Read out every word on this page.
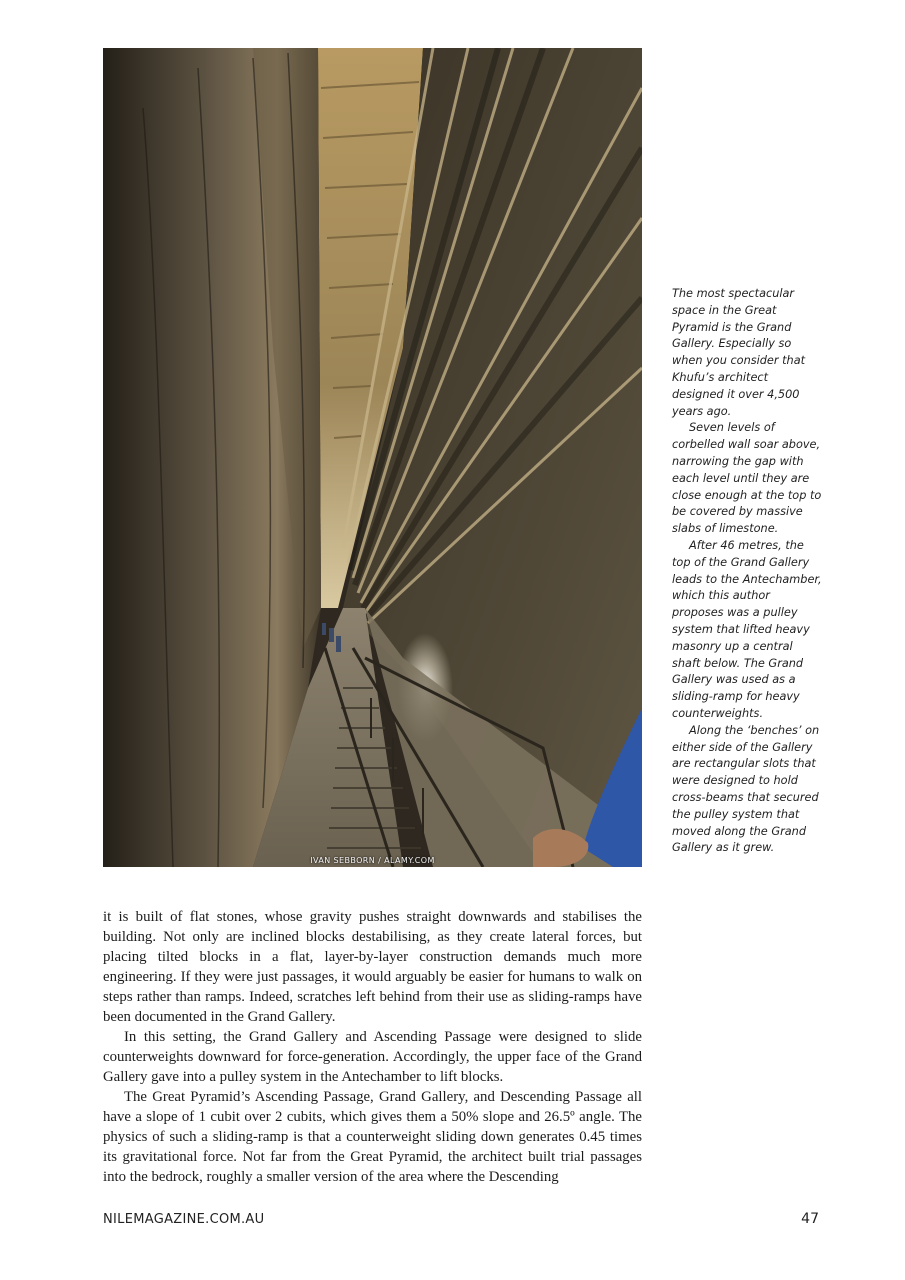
IVAN SEBBORN / ALAMY.COM

The most spectacular space in the Great Pyramid is the Grand Gallery. Especially so when you consider that Khufu’s architect designed it over 4,500 years ago.

Seven levels of corbelled wall soar above, narrowing the gap with each level until they are close enough at the top to be covered by massive slabs of limestone.

After 46 metres, the top of the Grand Gallery leads to the Antechamber, which this author proposes was a pulley system that lifted heavy masonry up a central shaft below. The Grand Gallery was used as a sliding-ramp for heavy counterweights.

Along the ‘benches’ on either side of the Gallery are rectangular slots that were designed to hold cross-beams that secured the pulley system that moved along the Grand Gallery as it grew.

it is built of flat stones, whose gravity pushes straight downwards and stabilises the building. Not only are inclined blocks destabilising, as they create lateral forces, but placing tilted blocks in a flat, layer-by-layer construction demands much more engineering. If they were just passages, it would arguably be easier for humans to walk on steps rather than ramps. Indeed, scratches left behind from their use as sliding-ramps have been documented in the Grand Gallery.

In this setting, the Grand Gallery and Ascending Passage were designed to slide counterweights downward for force-generation. Accordingly, the upper face of the Grand Gallery gave into a pulley system in the Antechamber to lift blocks.

The Great Pyramid’s Ascending Passage, Grand Gallery, and Descending Passage all have a slope of 1 cubit over 2 cubits, which gives them a 50% slope and 26.5º angle. The physics of such a sliding-ramp is that a counterweight sliding down generates 0.45 times its gravitational force. Not far from the Great Pyramid, the architect built trial passages into the bedrock, roughly a smaller version of the area where the Descending

NILEMAGAZINE.COM.AU	47
